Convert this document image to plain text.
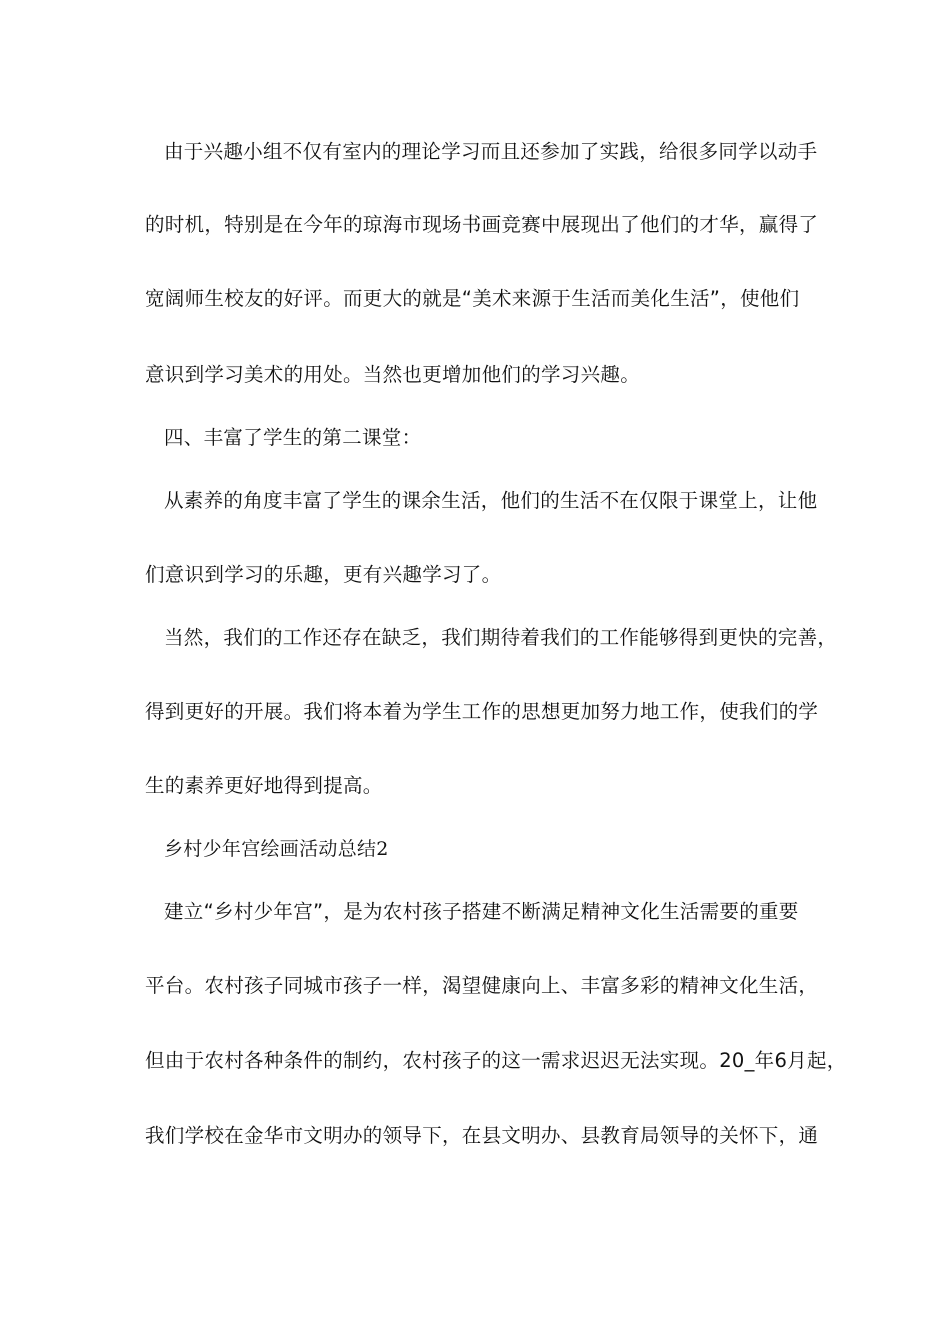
由于兴趣小组不仅有室内的理论学习而且还参加了实践，给很多同学以动手
的时机，特别是在今年的琼海市现场书画竞赛中展现出了他们的才华，赢得了
宽阔师生校友的好评。而更大的就是“美术来源于生活而美化生活”，使他们
意识到学习美术的用处。当然也更增加他们的学习兴趣。
四、丰富了学生的第二课堂：
从素养的角度丰富了学生的课余生活，他们的生活不在仅限于课堂上，让他
们意识到学习的乐趣，更有兴趣学习了。
当然，我们的工作还存在缺乏，我们期待着我们的工作能够得到更快的完善，
得到更好的开展。我们将本着为学生工作的思想更加努力地工作，使我们的学
生的素养更好地得到提高。
乡村少年宫绘画活动总结2
建立“乡村少年宫”，是为农村孩子搭建不断满足精神文化生活需要的重要
平台。农村孩子同城市孩子一样，渴望健康向上、丰富多彩的精神文化生活，
但由于农村各种条件的制约，农村孩子的这一需求迟迟无法实现。20_年6月起，
我们学校在金华市文明办的领导下，在县文明办、县教育局领导的关怀下，通
